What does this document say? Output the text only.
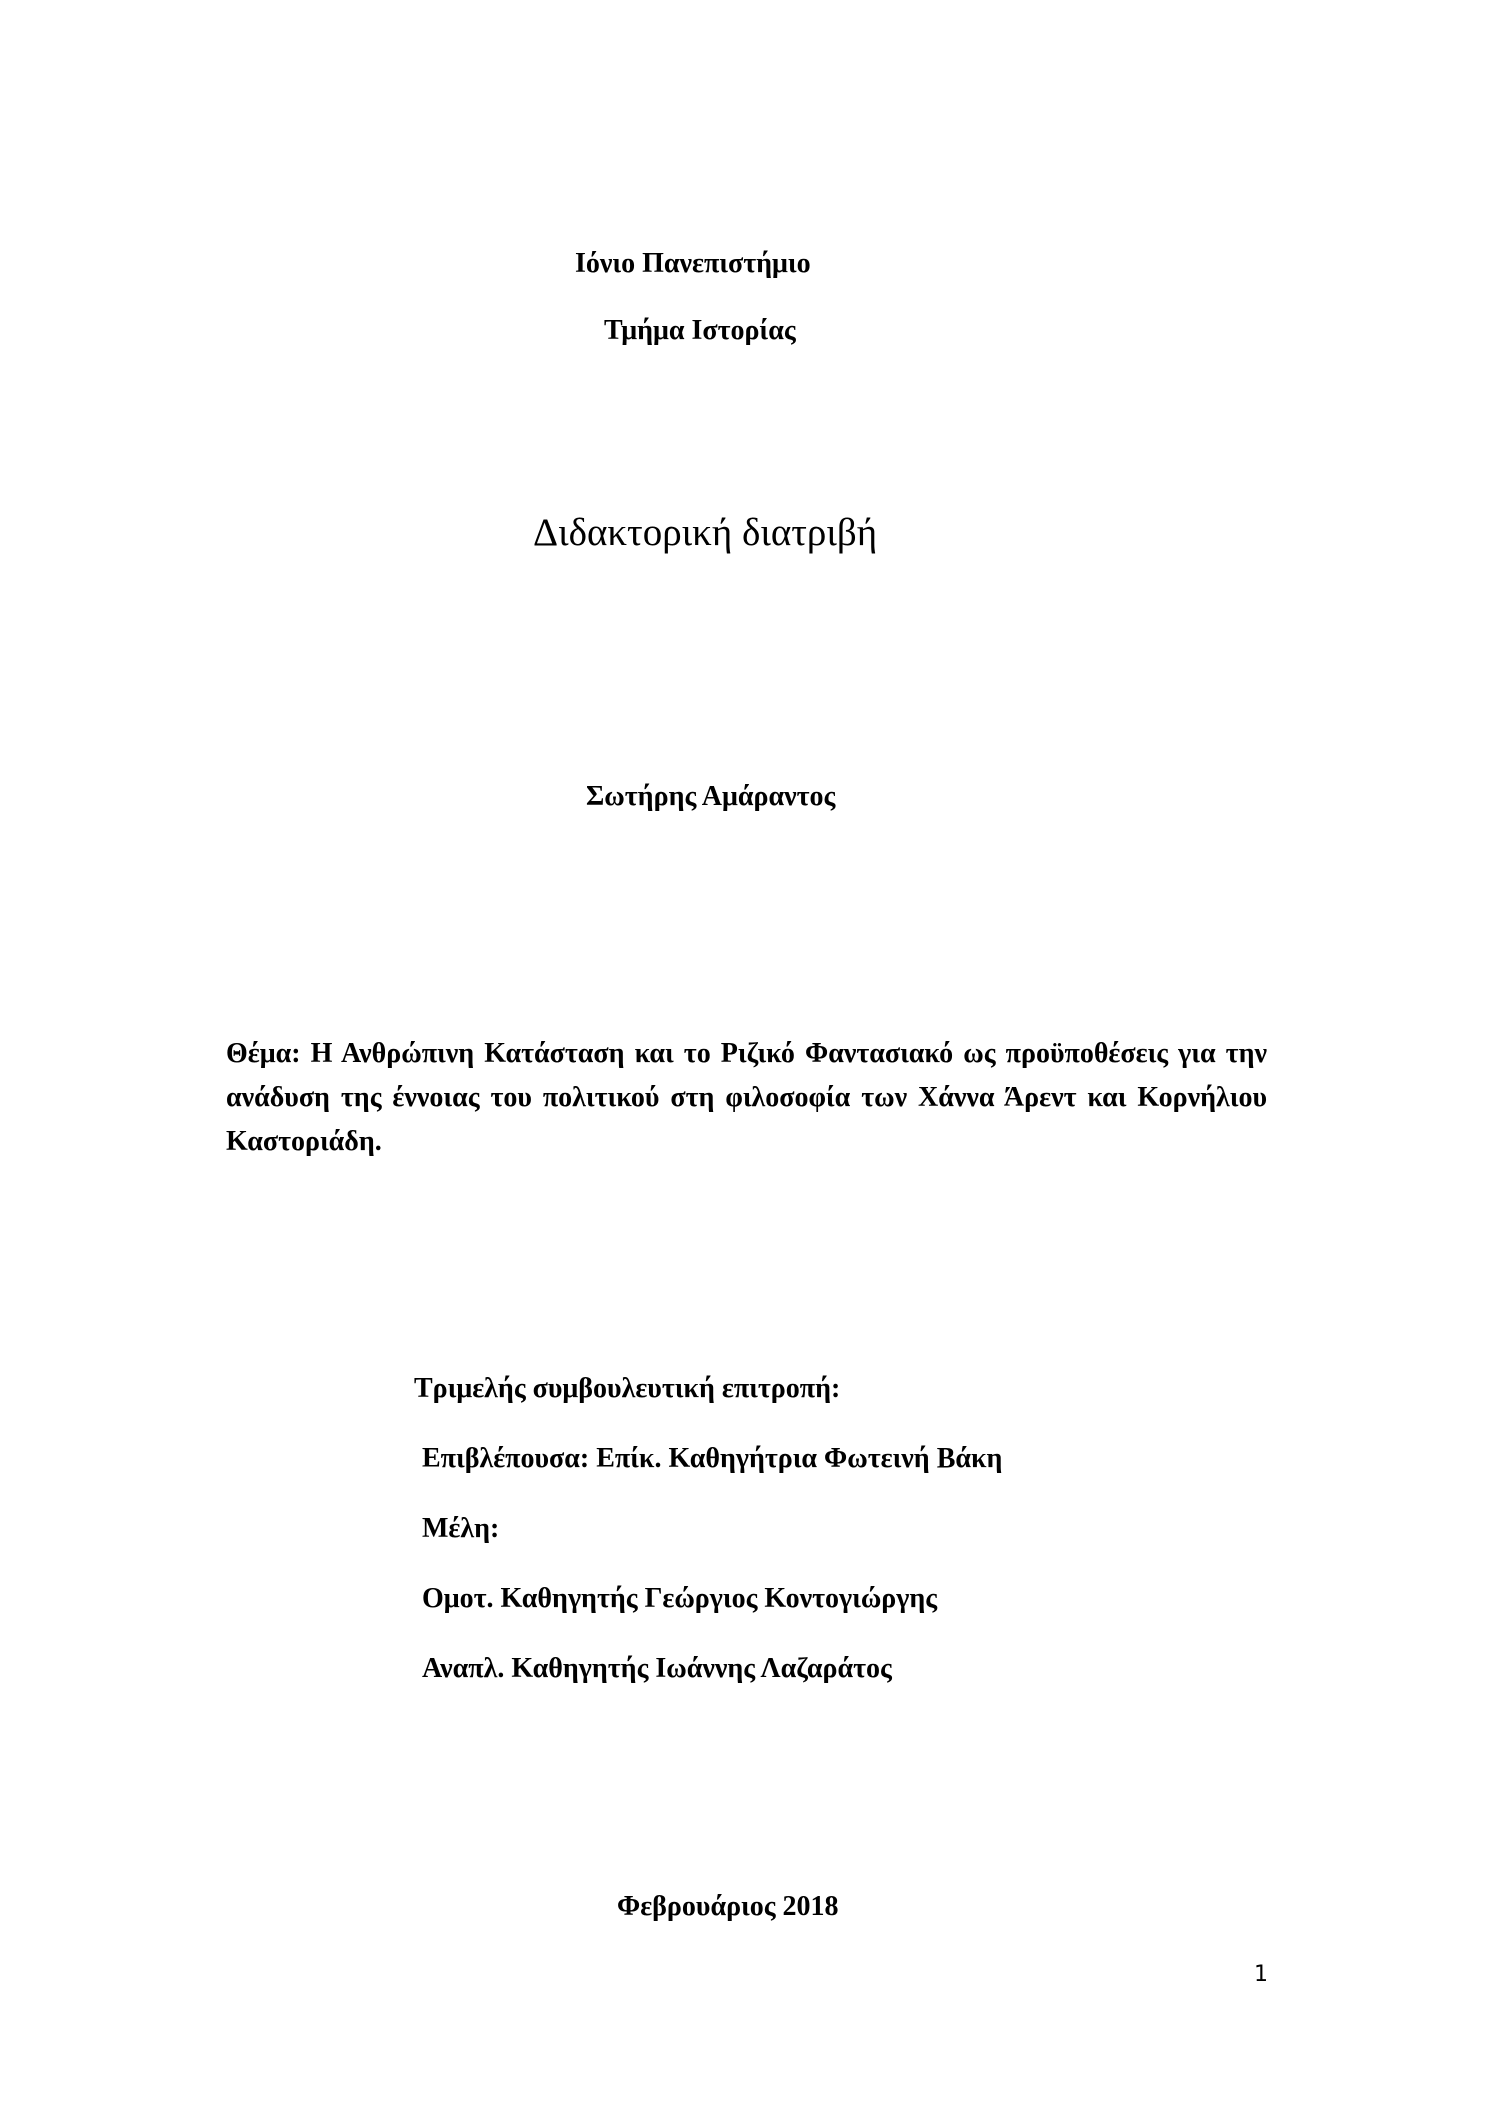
Ιόνιο Πανεπιστήμιο

Τμήμα Ιστορίας

Διδακτορική διατριβή

Σωτήρης Αμάραντος

Θέμα: Η Ανθρώπινη Κατάσταση και το Ριζικό Φαντασιακό ως προϋποθέσεις για την ανάδυση της έννοιας του πολιτικού στη φιλοσοφία των Χάννα Άρεντ και Κορνήλιου Καστοριάδη.

Τριμελής συμβουλευτική επιτροπή:
Επιβλέπουσα: Επίκ. Καθηγήτρια Φωτεινή Βάκη
Μέλη:
Ομοτ. Καθηγητής Γεώργιος Κοντογιώργης
Αναπλ. Καθηγητής Ιωάννης Λαζαράτος

Φεβρουάριος 2018

1
